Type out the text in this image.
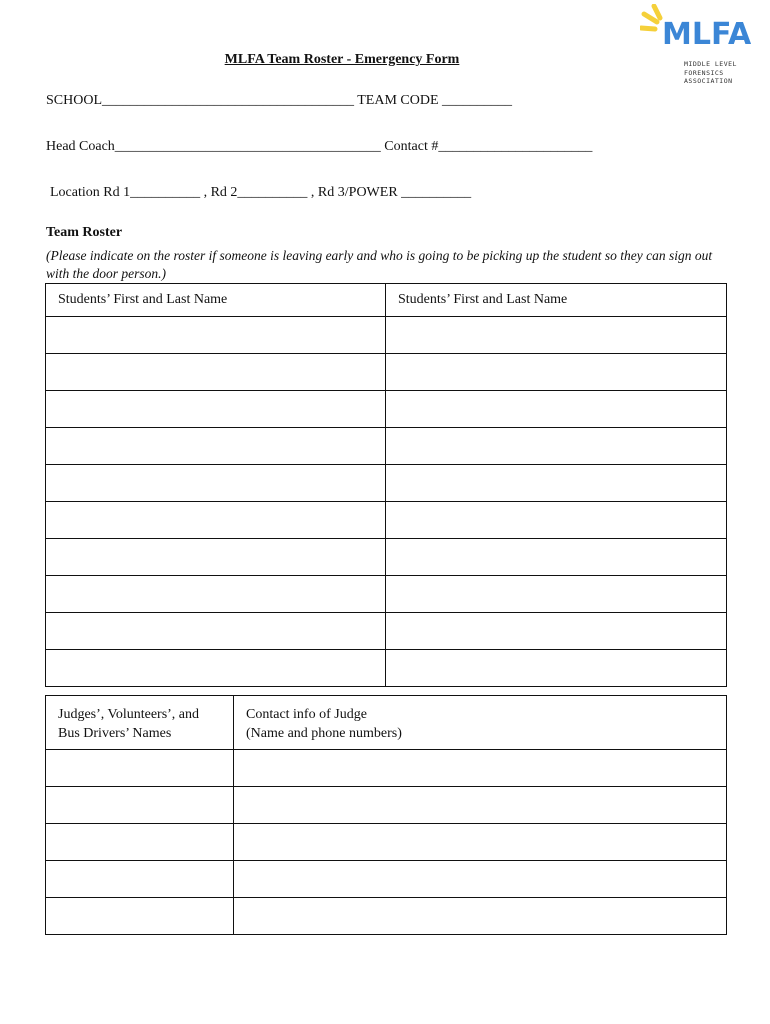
MLFA
MIDDLE LEVEL
FORENSICS
ASSOCIATION
MLFA Team Roster - Emergency Form
SCHOOL____________________________________ TEAM CODE __________
Head Coach______________________________________ Contact #______________________
Location Rd 1__________ , Rd 2__________ , Rd 3/POWER __________
Team Roster
(Please indicate on the roster if someone is leaving early and who is going to be picking up the student so they can sign out with the door person.)
Students’ First and Last Name	Students’ First and Last Name

Judges’, Volunteers’, and
Bus Drivers’ Names	Contact info of Judge
(Name and phone numbers)
